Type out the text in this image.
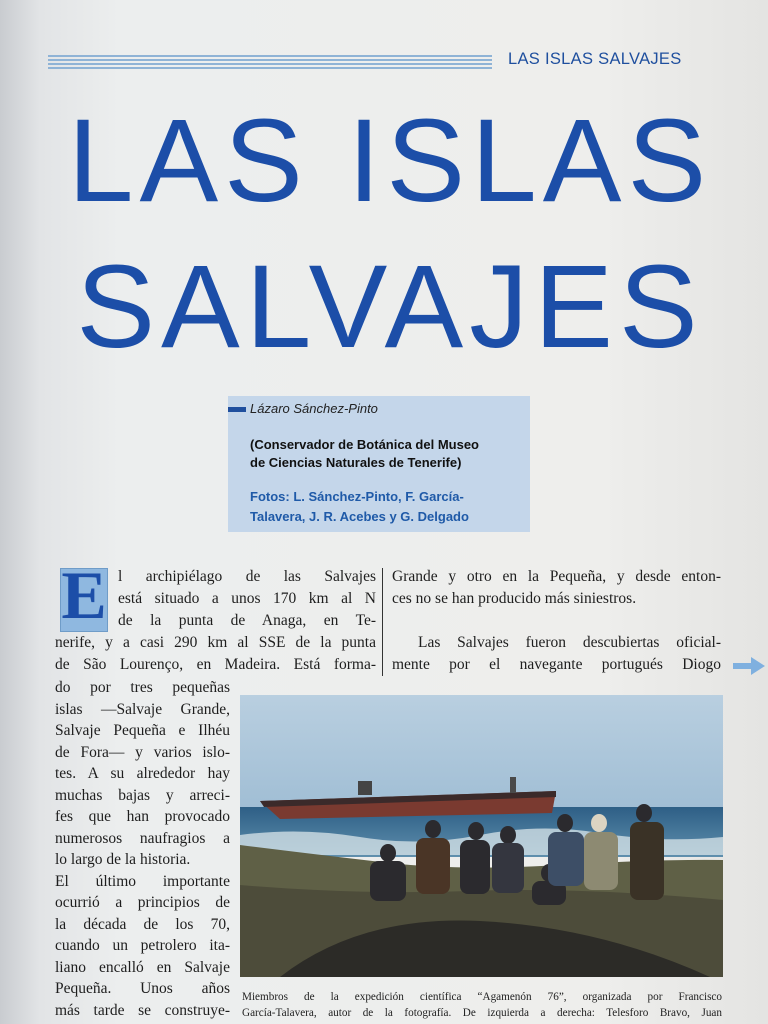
LAS ISLAS SALVAJES
LAS ISLAS
SALVAJES
Lázaro Sánchez-Pinto
(Conservador de Botánica del Museo
de Ciencias Naturales de Tenerife)
Fotos: L. Sánchez-Pinto, F. García-
Talavera, J. R. Acebes y G. Delgado
E l archipiélago de las Salvajes
está situado a unos 170 km al N
de la punta de Anaga, en Te-
nerife, y a casi 290 km al SSE de la punta
de São Lourenço, en Madeira. Está forma-
do por tres pequeñas
islas —Salvaje Grande,
Salvaje Pequeña e Ilhéu
de Fora— y varios islo-
tes. A su alrededor hay
muchas bajas y arreci-
fes que han provocado
numerosos naufragios a
lo largo de la historia.
El último importante
ocurrió a principios de
la década de los 70,
cuando un petrolero ita-
liano encalló en Salvaje
Pequeña. Unos años
más tarde se construye-
Grande y otro en la Pequeña, y desde enton-
ces no se han producido más siniestros.
Las Salvajes fueron descubiertas oficial-
mente por el navegante portugués Diogo
Miembros de la expedición científica “Agamenón 76”, organizada por Francisco
García-Talavera, autor de la fotografía. De izquierda a derecha: Telesforo Bravo, Juan
